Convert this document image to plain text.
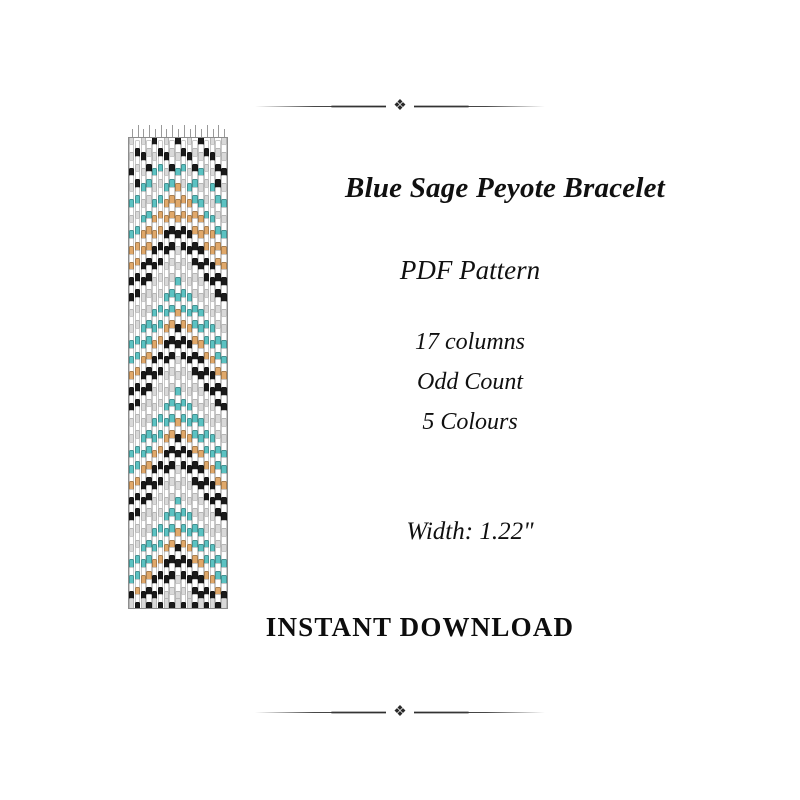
❖
Blue Sage Peyote Bracelet
PDF Pattern
17 columns
Odd Count
5 Colours
Width: 1.22"
INSTANT DOWNLOAD
❖
